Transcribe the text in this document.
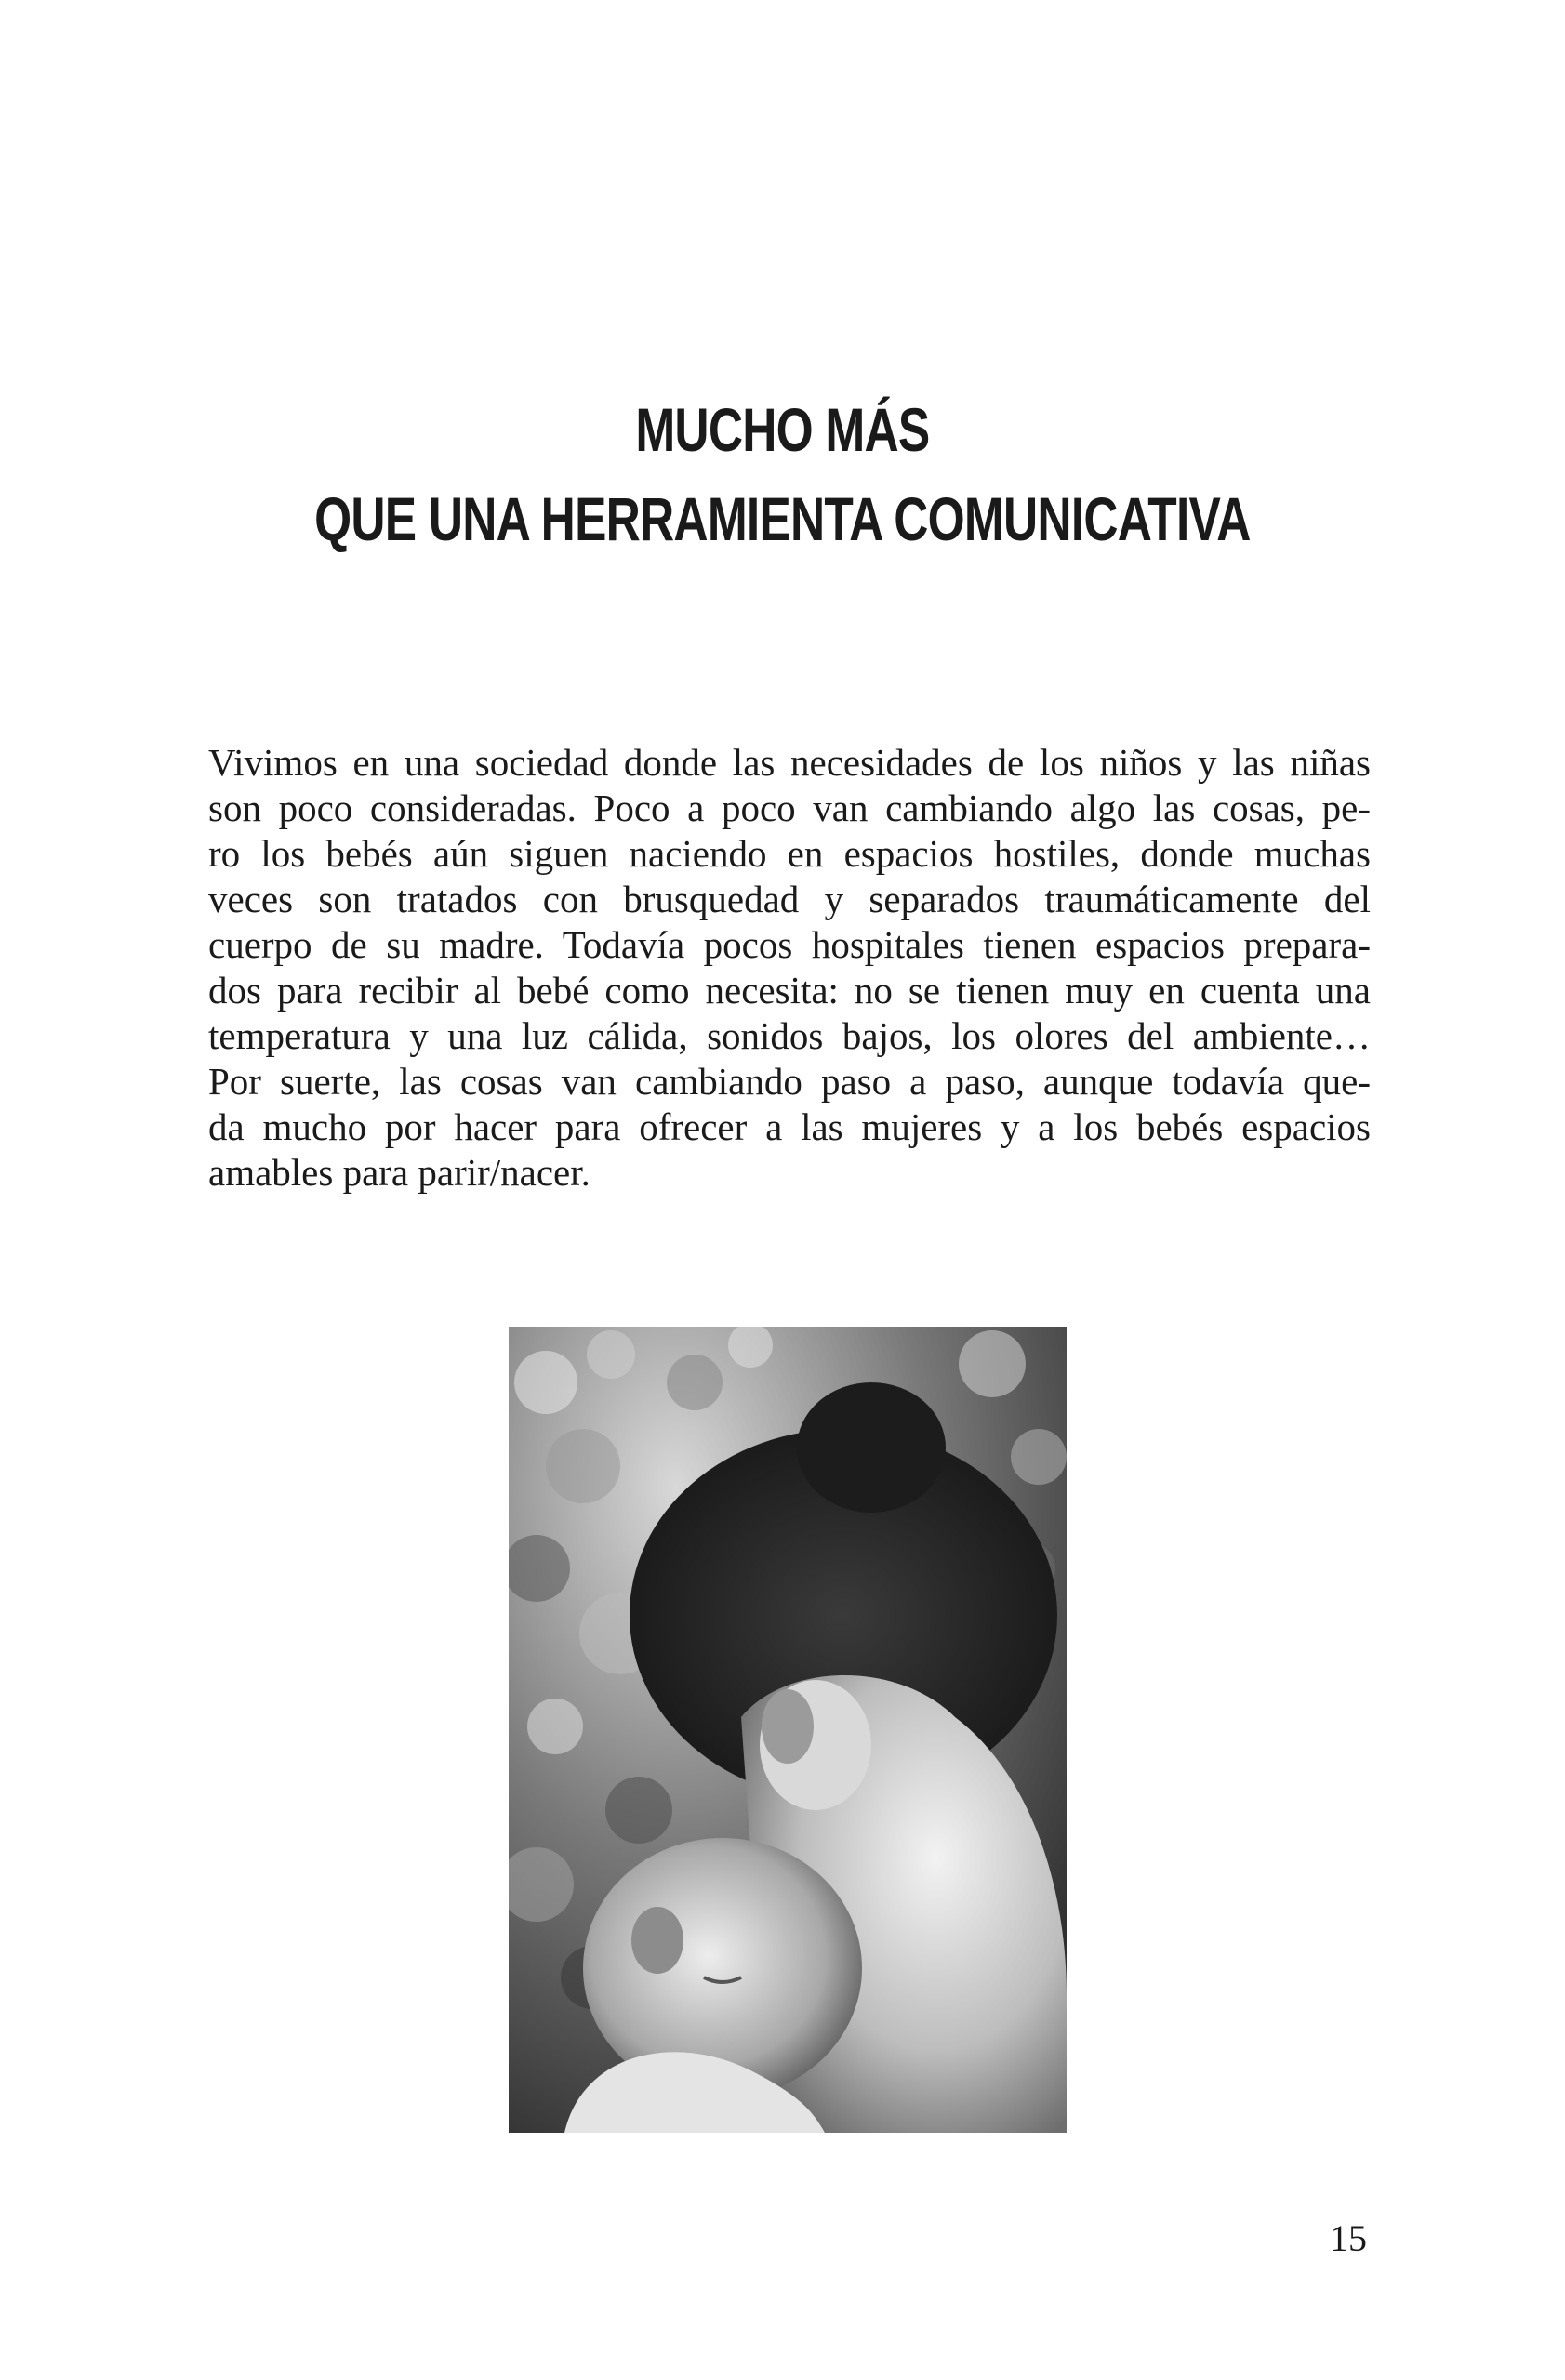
MUCHO MÁS
QUE UNA HERRAMIENTA COMUNICATIVA
Vivimos en una sociedad donde las necesidades de los niños y las niñas
son poco consideradas. Poco a poco van cambiando algo las cosas, pe-
ro los bebés aún siguen naciendo en espacios hostiles, donde muchas
veces son tratados con brusquedad y separados traumáticamente del
cuerpo de su madre. Todavía pocos hospitales tienen espacios prepara-
dos para recibir al bebé como necesita: no se tienen muy en cuenta una
temperatura y una luz cálida, sonidos bajos, los olores del ambiente…
Por suerte, las cosas van cambiando paso a paso, aunque todavía que-
da mucho por hacer para ofrecer a las mujeres y a los bebés espacios
amables para parir/nacer.
15
